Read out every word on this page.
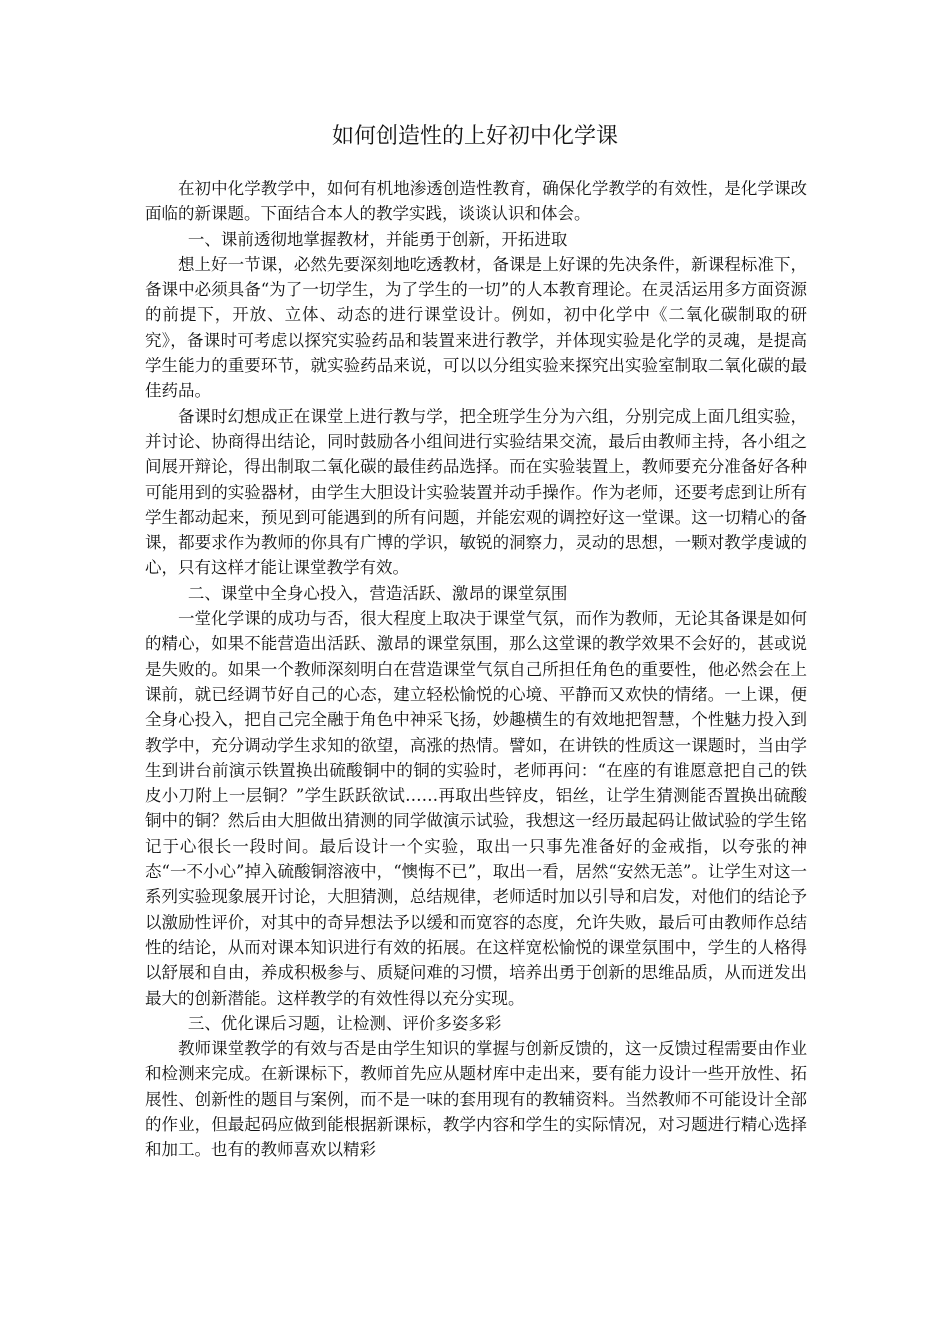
如何创造性的上好初中化学课

在初中化学教学中，如何有机地渗透创造性教育，确保化学教学的有效性，是化学课改面临的新课题。下面结合本人的教学实践，谈谈认识和体会。

一、课前透彻地掌握教材，并能勇于创新，开拓进取

想上好一节课，必然先要深刻地吃透教材，备课是上好课的先决条件，新课程标准下，备课中必须具备“为了一切学生，为了学生的一切”的人本教育理论。在灵活运用多方面资源的前提下，开放、立体、动态的进行课堂设计。例如，初中化学中《二氧化碳制取的研究》，备课时可考虑以探究实验药品和装置来进行教学，并体现实验是化学的灵魂，是提高学生能力的重要环节，就实验药品来说，可以以分组实验来探究出实验室制取二氧化碳的最佳药品。

备课时幻想成正在课堂上进行教与学，把全班学生分为六组，分别完成上面几组实验，并讨论、协商得出结论，同时鼓励各小组间进行实验结果交流，最后由教师主持，各小组之间展开辩论，得出制取二氧化碳的最佳药品选择。而在实验装置上，教师要充分准备好各种可能用到的实验器材，由学生大胆设计实验装置并动手操作。作为老师，还要考虑到让所有学生都动起来，预见到可能遇到的所有问题，并能宏观的调控好这一堂课。这一切精心的备课，都要求作为教师的你具有广博的学识，敏锐的洞察力，灵动的思想，一颗对教学虔诚的心，只有这样才能让课堂教学有效。

二、课堂中全身心投入，营造活跃、激昂的课堂氛围

一堂化学课的成功与否，很大程度上取决于课堂气氛，而作为教师，无论其备课是如何的精心，如果不能营造出活跃、激昂的课堂氛围，那么这堂课的教学效果不会好的，甚或说是失败的。如果一个教师深刻明白在营造课堂气氛自己所担任角色的重要性，他必然会在上课前，就已经调节好自己的心态，建立轻松愉悦的心境、平静而又欢快的情绪。一上课，便全身心投入，把自己完全融于角色中神采飞扬，妙趣横生的有效地把智慧，个性魅力投入到教学中，充分调动学生求知的欲望，高涨的热情。譬如，在讲铁的性质这一课题时，当由学生到讲台前演示铁置换出硫酸铜中的铜的实验时，老师再问：“在座的有谁愿意把自己的铁皮小刀附上一层铜？”学生跃跃欲试……再取出些锌皮，铝丝，让学生猜测能否置换出硫酸铜中的铜？然后由大胆做出猜测的同学做演示试验，我想这一经历最起码让做试验的学生铭记于心很长一段时间。最后设计一个实验，取出一只事先准备好的金戒指，以夸张的神态“一不小心”掉入硫酸铜溶液中，“懊悔不已”，取出一看，居然“安然无恙”。让学生对这一系列实验现象展开讨论，大胆猜测，总结规律，老师适时加以引导和启发，对他们的结论予以激励性评价，对其中的奇异想法予以缓和而宽容的态度，允许失败，最后可由教师作总结性的结论，从而对课本知识进行有效的拓展。在这样宽松愉悦的课堂氛围中，学生的人格得以舒展和自由，养成积极参与、质疑问难的习惯，培养出勇于创新的思维品质，从而迸发出最大的创新潜能。这样教学的有效性得以充分实现。

三、优化课后习题，让检测、评价多姿多彩

教师课堂教学的有效与否是由学生知识的掌握与创新反馈的，这一反馈过程需要由作业和检测来完成。在新课标下，教师首先应从题材库中走出来，要有能力设计一些开放性、拓展性、创新性的题目与案例，而不是一味的套用现有的教辅资料。当然教师不可能设计全部的作业，但最起码应做到能根据新课标，教学内容和学生的实际情况，对习题进行精心选择和加工。也有的教师喜欢以精彩
